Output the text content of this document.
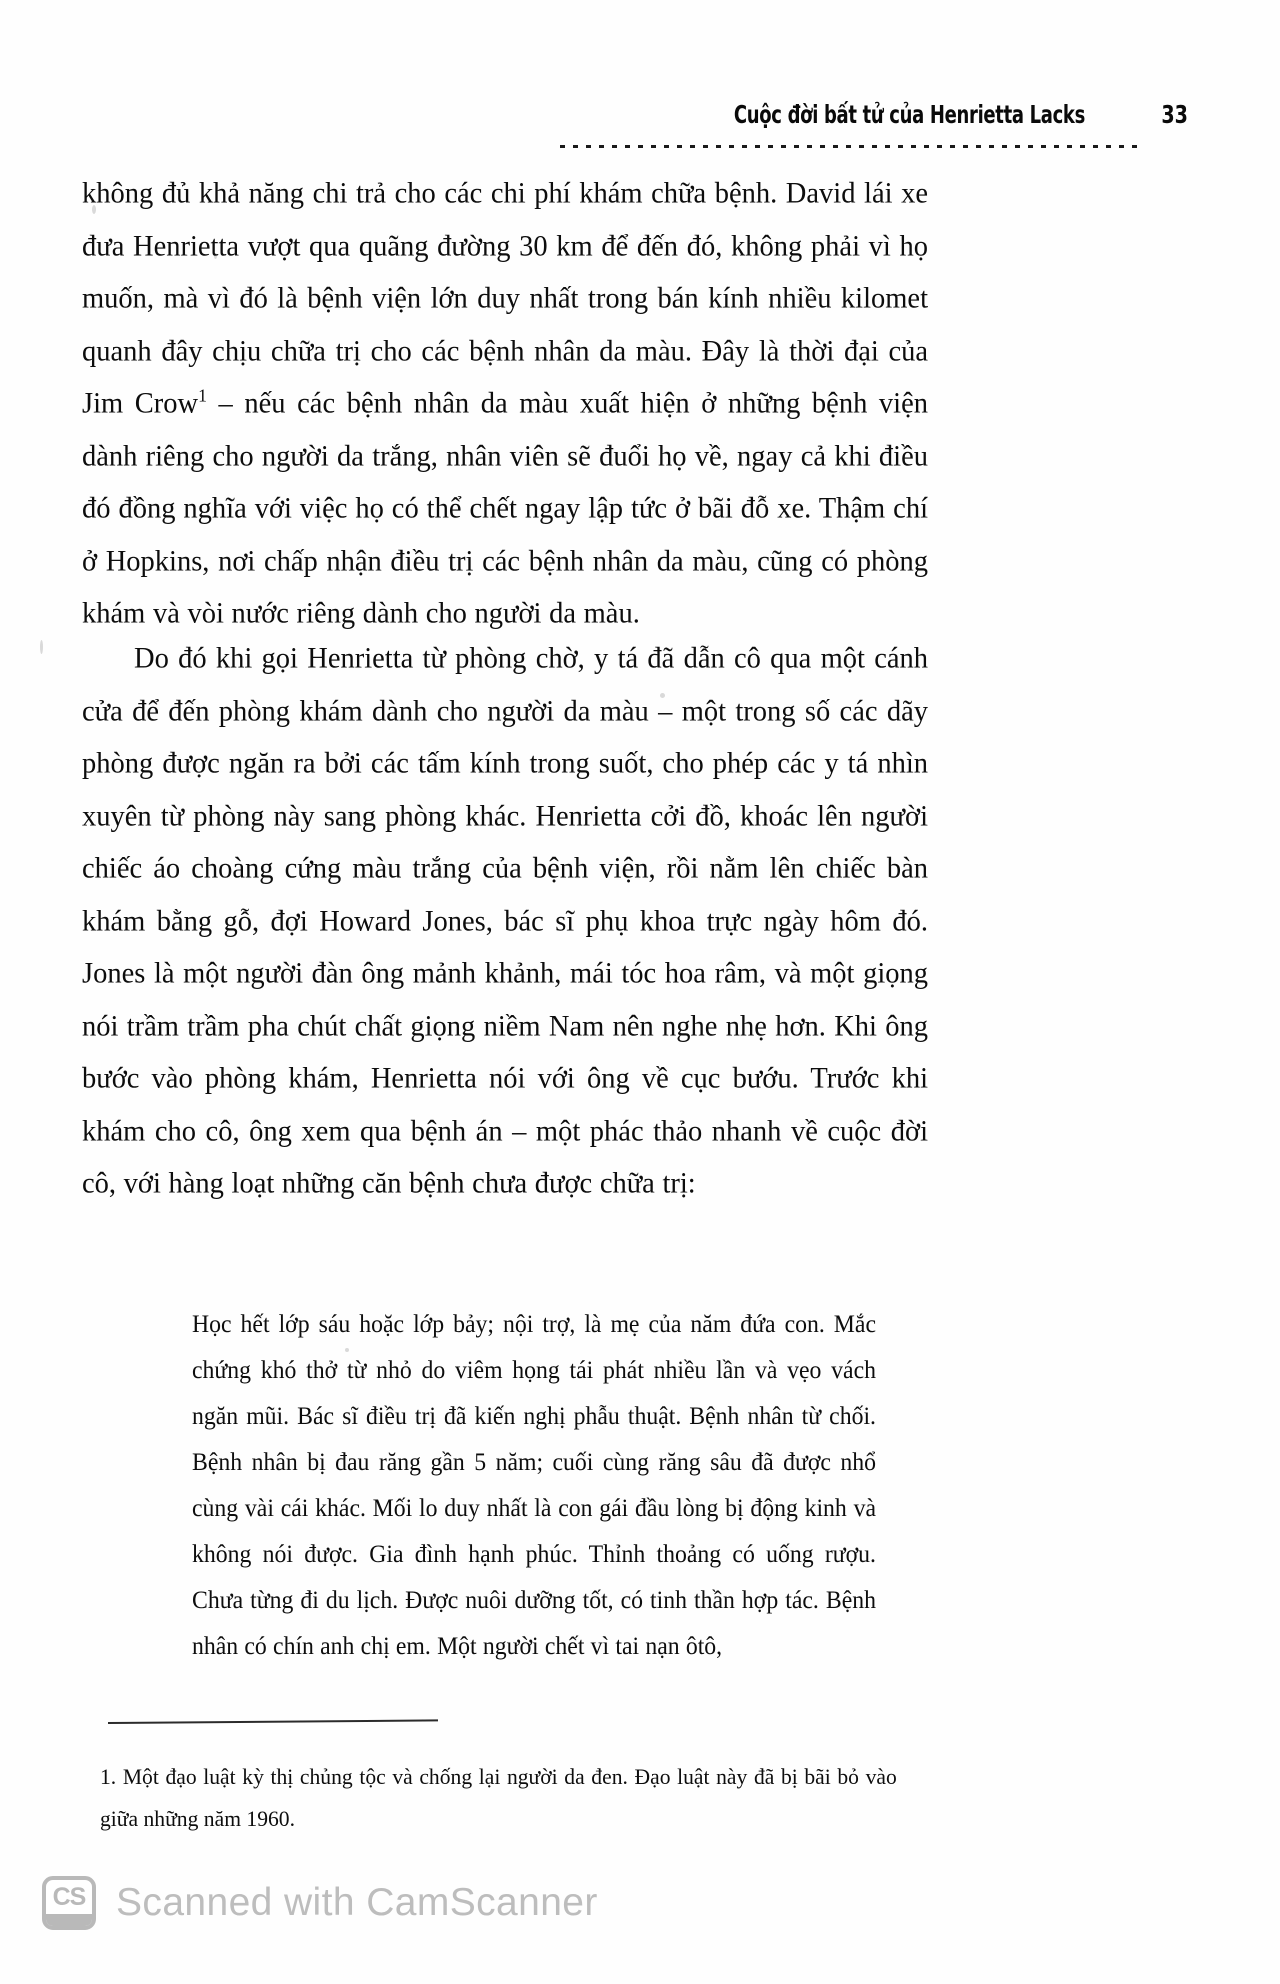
Cuộc đời bất tử của Henrietta Lacks	33

không đủ khả năng chi trả cho các chi phí khám chữa bệnh. David lái xe đưa Henrietta vượt qua quãng đường 30 km để đến đó, không phải vì họ muốn, mà vì đó là bệnh viện lớn duy nhất trong bán kính nhiều kilomet quanh đây chịu chữa trị cho các bệnh nhân da màu. Đây là thời đại của Jim Crow$^1$ – nếu các bệnh nhân da màu xuất hiện ở những bệnh viện dành riêng cho người da trắng, nhân viên sẽ đuổi họ về, ngay cả khi điều đó đồng nghĩa với việc họ có thể chết ngay lập tức ở bãi đỗ xe. Thậm chí ở Hopkins, nơi chấp nhận điều trị các bệnh nhân da màu, cũng có phòng khám và vòi nước riêng dành cho người da màu.

Do đó khi gọi Henrietta từ phòng chờ, y tá đã dẫn cô qua một cánh cửa để đến phòng khám dành cho người da màu – một trong số các dãy phòng được ngăn ra bởi các tấm kính trong suốt, cho phép các y tá nhìn xuyên từ phòng này sang phòng khác. Henrietta cởi đồ, khoác lên người chiếc áo choàng cứng màu trắng của bệnh viện, rồi nằm lên chiếc bàn khám bằng gỗ, đợi Howard Jones, bác sĩ phụ khoa trực ngày hôm đó. Jones là một người đàn ông mảnh khảnh, mái tóc hoa râm, và một giọng nói trầm trầm pha chút chất giọng niềm Nam nên nghe nhẹ hơn. Khi ông bước vào phòng khám, Henrietta nói với ông về cục bướu. Trước khi khám cho cô, ông xem qua bệnh án – một phác thảo nhanh về cuộc đời cô, với hàng loạt những căn bệnh chưa được chữa trị:

Học hết lớp sáu hoặc lớp bảy; nội trợ, là mẹ của năm đứa con. Mắc chứng khó thở từ nhỏ do viêm họng tái phát nhiều lần và vẹo vách ngăn mũi. Bác sĩ điều trị đã kiến nghị phẫu thuật. Bệnh nhân từ chối. Bệnh nhân bị đau răng gần 5 năm; cuối cùng răng sâu đã được nhổ cùng vài cái khác. Mối lo duy nhất là con gái đầu lòng bị động kinh và không nói được. Gia đình hạnh phúc. Thỉnh thoảng có uống rượu. Chưa từng đi du lịch. Được nuôi dưỡng tốt, có tinh thần hợp tác. Bệnh nhân có chín anh chị em. Một người chết vì tai nạn ôtô,

1. Một đạo luật kỳ thị chủng tộc và chống lại người da đen. Đạo luật này đã bị bãi bỏ vào giữa những năm 1960.

CS Scanned with CamScanner
